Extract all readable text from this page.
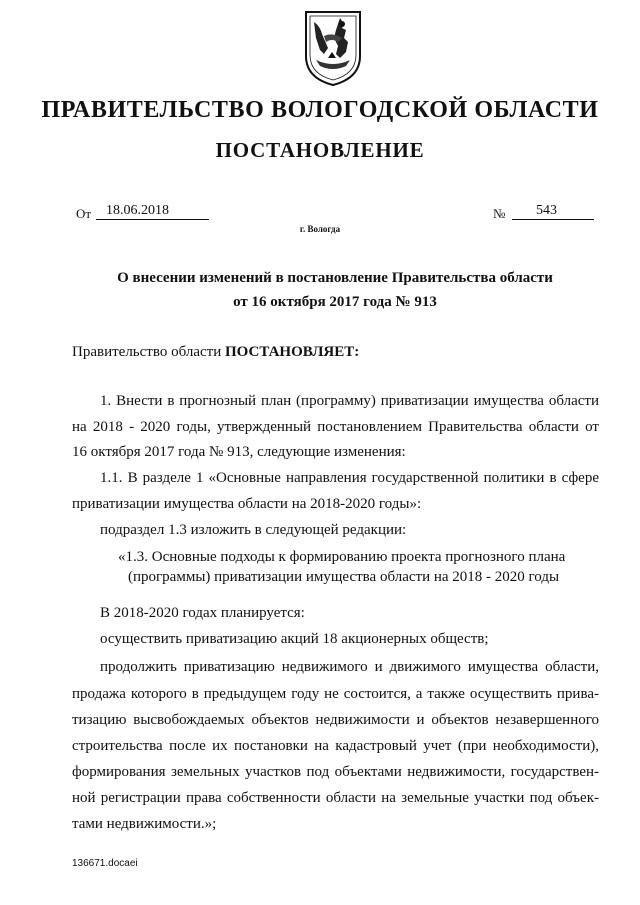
ПРАВИТЕЛЬСТВО ВОЛОГОДСКОЙ ОБЛАСТИ
ПОСТАНОВЛЕНИЕ
От	18.06.2018	№	543
г. Вологда
О внесении изменений в постановление Правительства области
от 16 октября 2017 года № 913
Правительство области ПОСТАНОВЛЯЕТ:
1. Внести в прогнозный план (программу) приватизации имущества области
на 2018 - 2020 годы, утвержденный постановлением Правительства области от
16 октября 2017 года № 913, следующие изменения:
1.1. В разделе 1 «Основные направления государственной политики в сфере
приватизации имущества области на 2018-2020 годы»:
подраздел 1.3 изложить в следующей редакции:
«1.3. Основные подходы к формированию проекта прогнозного плана
(программы) приватизации имущества области на 2018 - 2020 годы
В 2018-2020 годах планируется:
осуществить приватизацию акций 18 акционерных обществ;
продолжить приватизацию недвижимого и движимого имущества области,
продажа которого в предыдущем году не состоится, а также осуществить прива-
тизацию высвобождаемых объектов недвижимости и объектов незавершенного
строительства после их постановки на кадастровый учет (при необходимости),
формирования земельных участков под объектами недвижимости, государствен-
ной регистрации права собственности области на земельные участки под объек-
тами недвижимости.»;
136671.docaei
